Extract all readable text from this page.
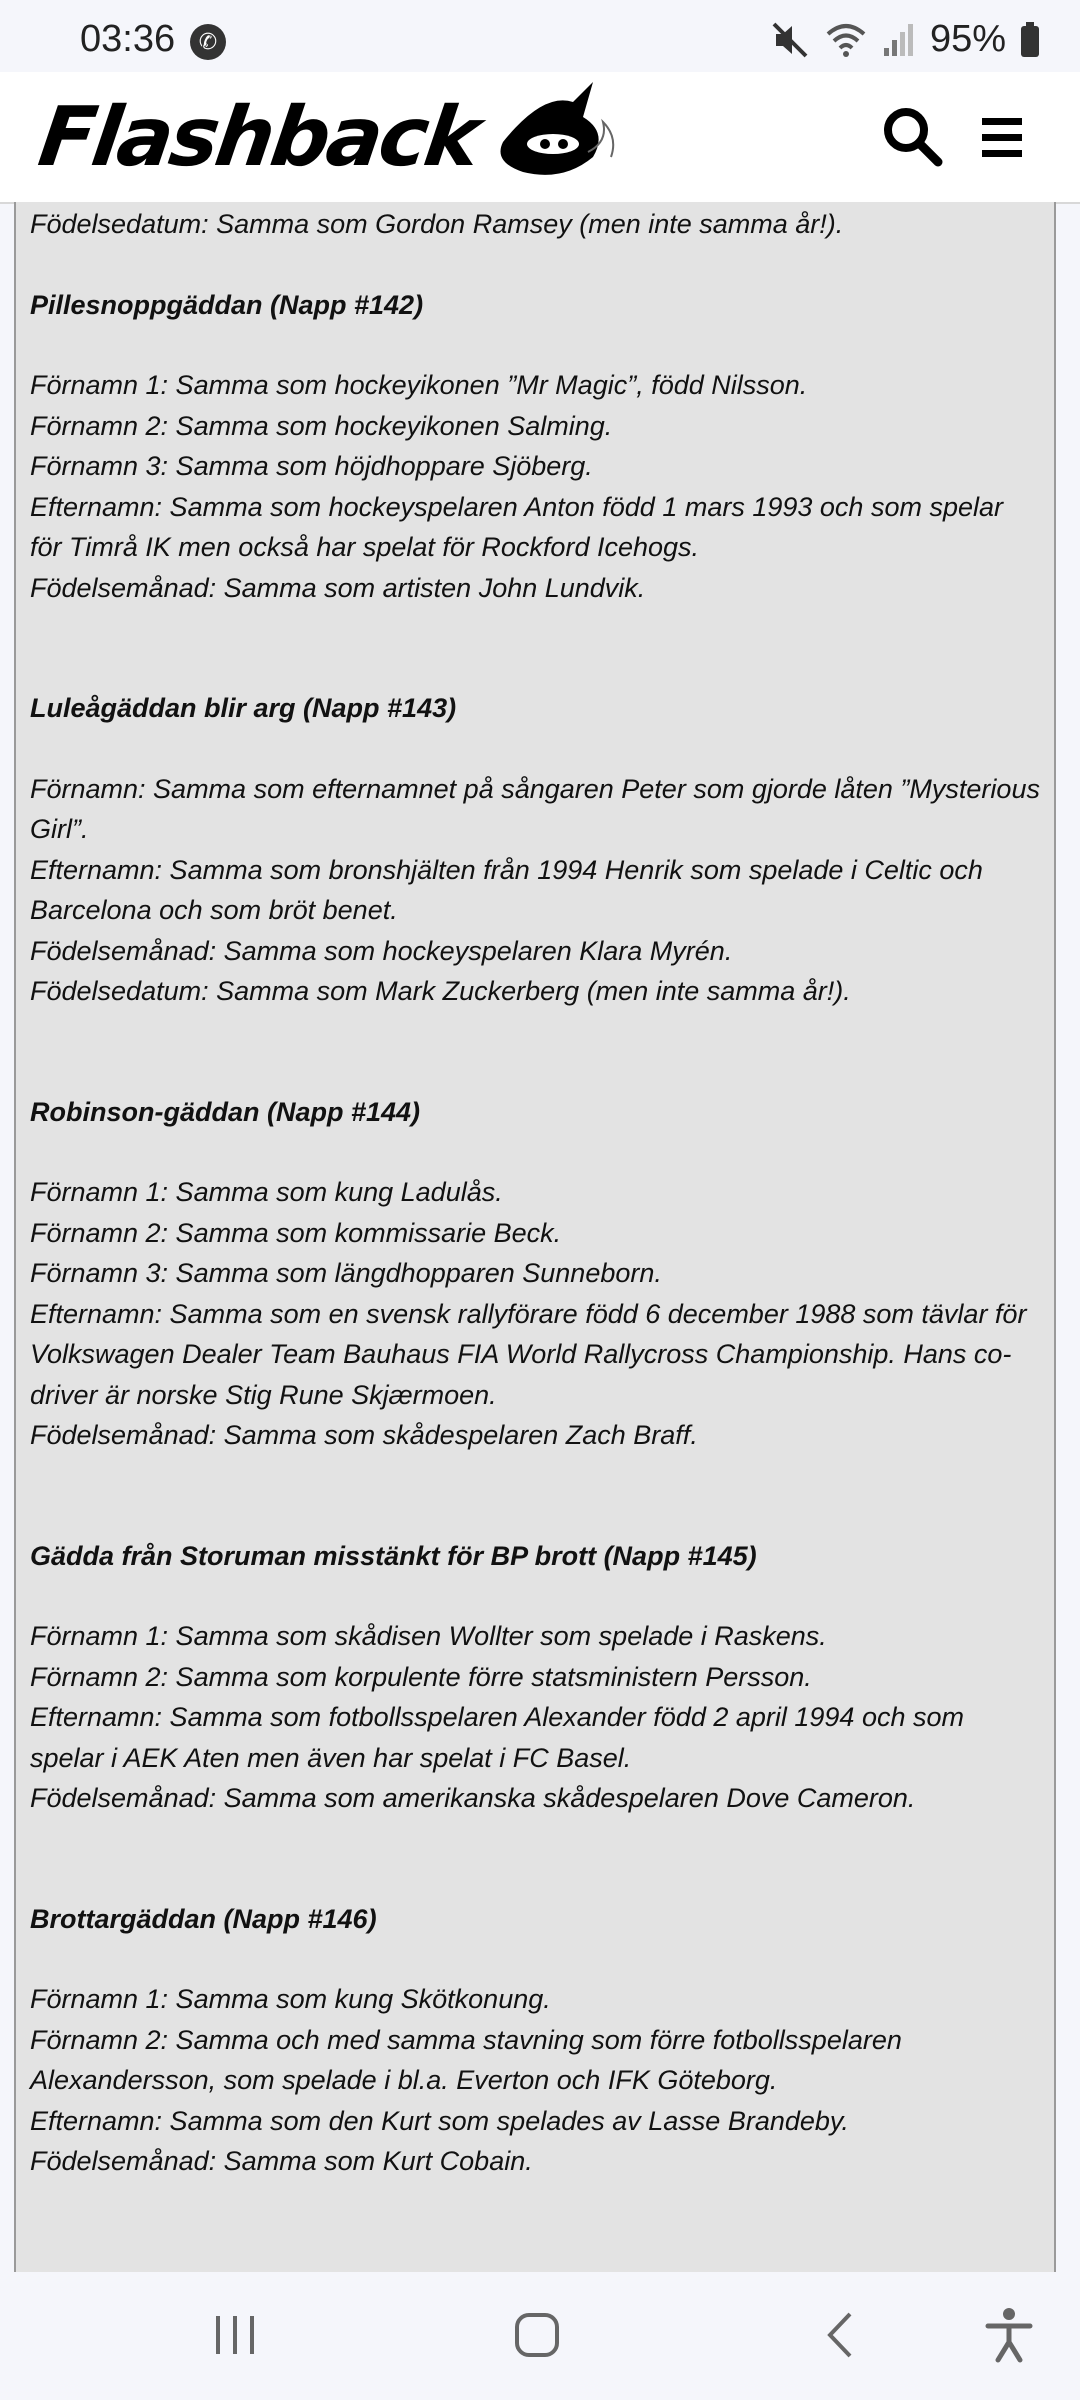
03:36	✆	95%
Flashback

Födelsedatum: Samma som Gordon Ramsey (men inte samma år!).

Pillesnoppgäddan (Napp #142)

Förnamn 1: Samma som hockeyikonen ”Mr Magic”, född Nilsson.

Förnamn 2: Samma som hockeyikonen Salming.

Förnamn 3: Samma som höjdhoppare Sjöberg.

Efternamn: Samma som hockeyspelaren Anton född 1 mars 1993 och som spelar för Timrå IK men också har spelat för Rockford Icehogs.

Födelsemånad: Samma som artisten John Lundvik.

Luleågäddan blir arg (Napp #143)

Förnamn: Samma som efternamnet på sångaren Peter som gjorde låten ”Mysterious Girl”.

Efternamn: Samma som bronshjälten från 1994 Henrik som spelade i Celtic och Barcelona och som bröt benet.

Födelsemånad: Samma som hockeyspelaren Klara Myrén.

Födelsedatum: Samma som Mark Zuckerberg (men inte samma år!).

Robinson-gäddan (Napp #144)

Förnamn 1: Samma som kung Ladulås.

Förnamn 2: Samma som kommissarie Beck.

Förnamn 3: Samma som längdhopparen Sunneborn.

Efternamn: Samma som en svensk rallyförare född 6 december 1988 som tävlar för Volkswagen Dealer Team Bauhaus FIA World Rallycross Championship. Hans co-driver är norske Stig Rune Skjærmoen.

Födelsemånad: Samma som skådespelaren Zach Braff.

Gädda från Storuman misstänkt för BP brott (Napp #145)

Förnamn 1: Samma som skådisen Wollter som spelade i Raskens.

Förnamn 2: Samma som korpulente förre statsministern Persson.

Efternamn: Samma som fotbollsspelaren Alexander född 2 april 1994 och som spelar i AEK Aten men även har spelat i FC Basel.

Födelsemånad: Samma som amerikanska skådespelaren Dove Cameron.

Brottargäddan (Napp #146)

Förnamn 1: Samma som kung Skötkonung.

Förnamn 2: Samma och med samma stavning som förre fotbollsspelaren Alexandersson, som spelade i bl.a. Everton och IFK Göteborg.

Efternamn: Samma som den Kurt som spelades av Lasse Brandeby.

Födelsemånad: Samma som Kurt Cobain.
